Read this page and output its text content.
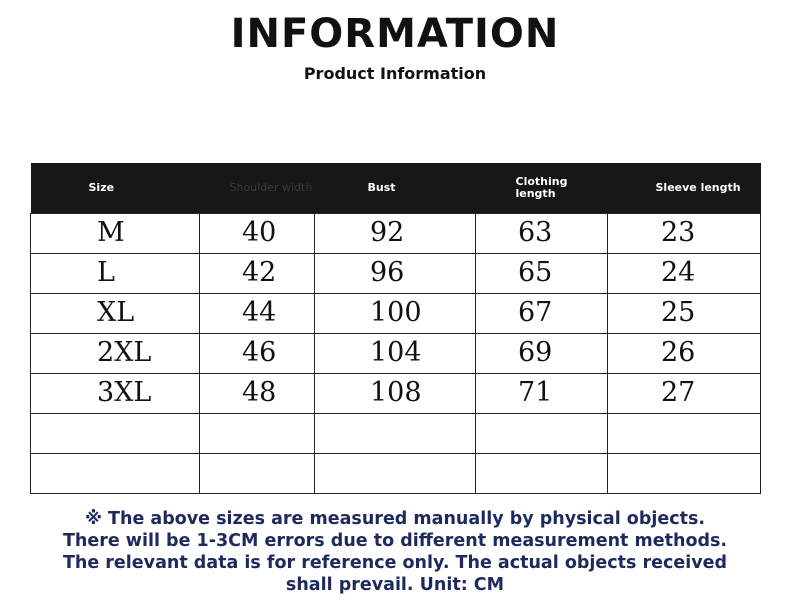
INFORMATION
Product Information
Size	Shoulder width	Bust	Clothing length	Sleeve length
M	40	92	63	23
L	42	96	65	24
XL	44	100	67	25
2XL	46	104	69	26
3XL	48	108	71	27

※ The above sizes are measured manually by physical objects. There will be 1-3CM errors due to different measurement methods. The relevant data is for reference only. The actual objects received shall prevail. Unit: CM
